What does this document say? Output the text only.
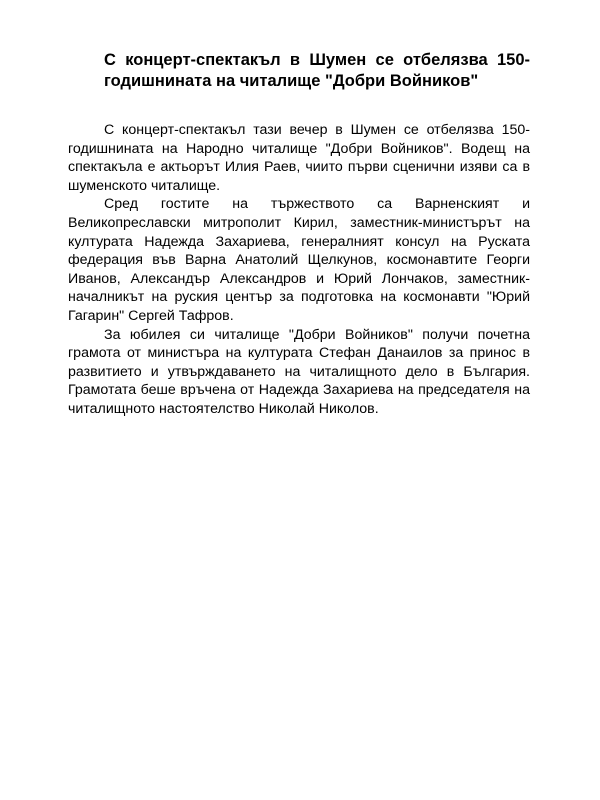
С концерт-спектакъл в Шумен се отбелязва 150-годишнината на читалище "Добри Войников"

С концерт-спектакъл тази вечер в Шумен се отбелязва 150-годишнината на Народно читалище "Добри Войников". Водещ на спектакъла е актьорът Илия Раев, чиито първи сценични изяви са в шуменското читалище.

Сред гостите на тържеството са Варненският и Великопреславски митрополит Кирил, заместник-министърът на културата Надежда Захариева, генералният консул на Руската федерация във Варна Анатолий Щелкунов, космонавтите Георги Иванов, Александър Александров и Юрий Лончаков, заместник-началникът на руския център за подготовка на космонавти "Юрий Гагарин" Сергей Тафров.

За юбилея си читалище "Добри Войников" получи почетна грамота от министъра на културата Стефан Данаилов за принос в развитието и утвърждаването на читалищното дело в България. Грамотата беше връчена от Надежда Захариева на председателя на читалищното настоятелство Николай Николов.
